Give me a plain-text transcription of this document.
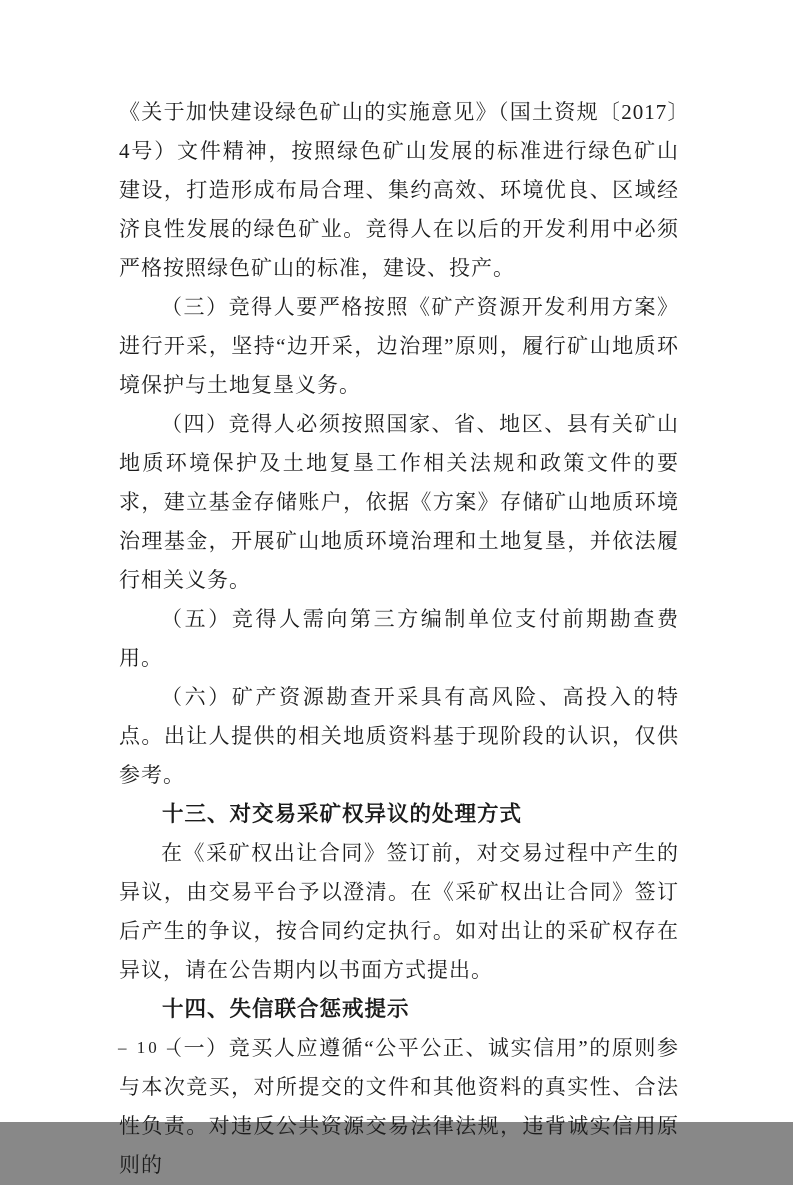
《关于加快建设绿色矿山的实施意见》（国土资规〔2017〕4号）文件精神，按照绿色矿山发展的标准进行绿色矿山建设，打造形成布局合理、集约高效、环境优良、区域经济良性发展的绿色矿业。竞得人在以后的开发利用中必须严格按照绿色矿山的标准，建设、投产。

（三）竞得人要严格按照《矿产资源开发利用方案》进行开采，坚持“边开采，边治理”原则，履行矿山地质环境保护与土地复垦义务。

（四）竞得人必须按照国家、省、地区、县有关矿山地质环境保护及土地复垦工作相关法规和政策文件的要求，建立基金存储账户，依据《方案》存储矿山地质环境治理基金，开展矿山地质环境治理和土地复垦，并依法履行相关义务。

（五）竞得人需向第三方编制单位支付前期勘查费用。

（六）矿产资源勘查开采具有高风险、高投入的特点。出让人提供的相关地质资料基于现阶段的认识，仅供参考。

十三、对交易采矿权异议的处理方式

在《采矿权出让合同》签订前，对交易过程中产生的异议，由交易平台予以澄清。在《采矿权出让合同》签订后产生的争议，按合同约定执行。如对出让的采矿权存在异议，请在公告期内以书面方式提出。

十四、失信联合惩戒提示

（一）竞买人应遵循“公平公正、诚实信用”的原则参与本次竞买，对所提交的文件和其他资料的真实性、合法性负责。对违反公共资源交易法律法规，违背诚实信用原则的

– 10 –
